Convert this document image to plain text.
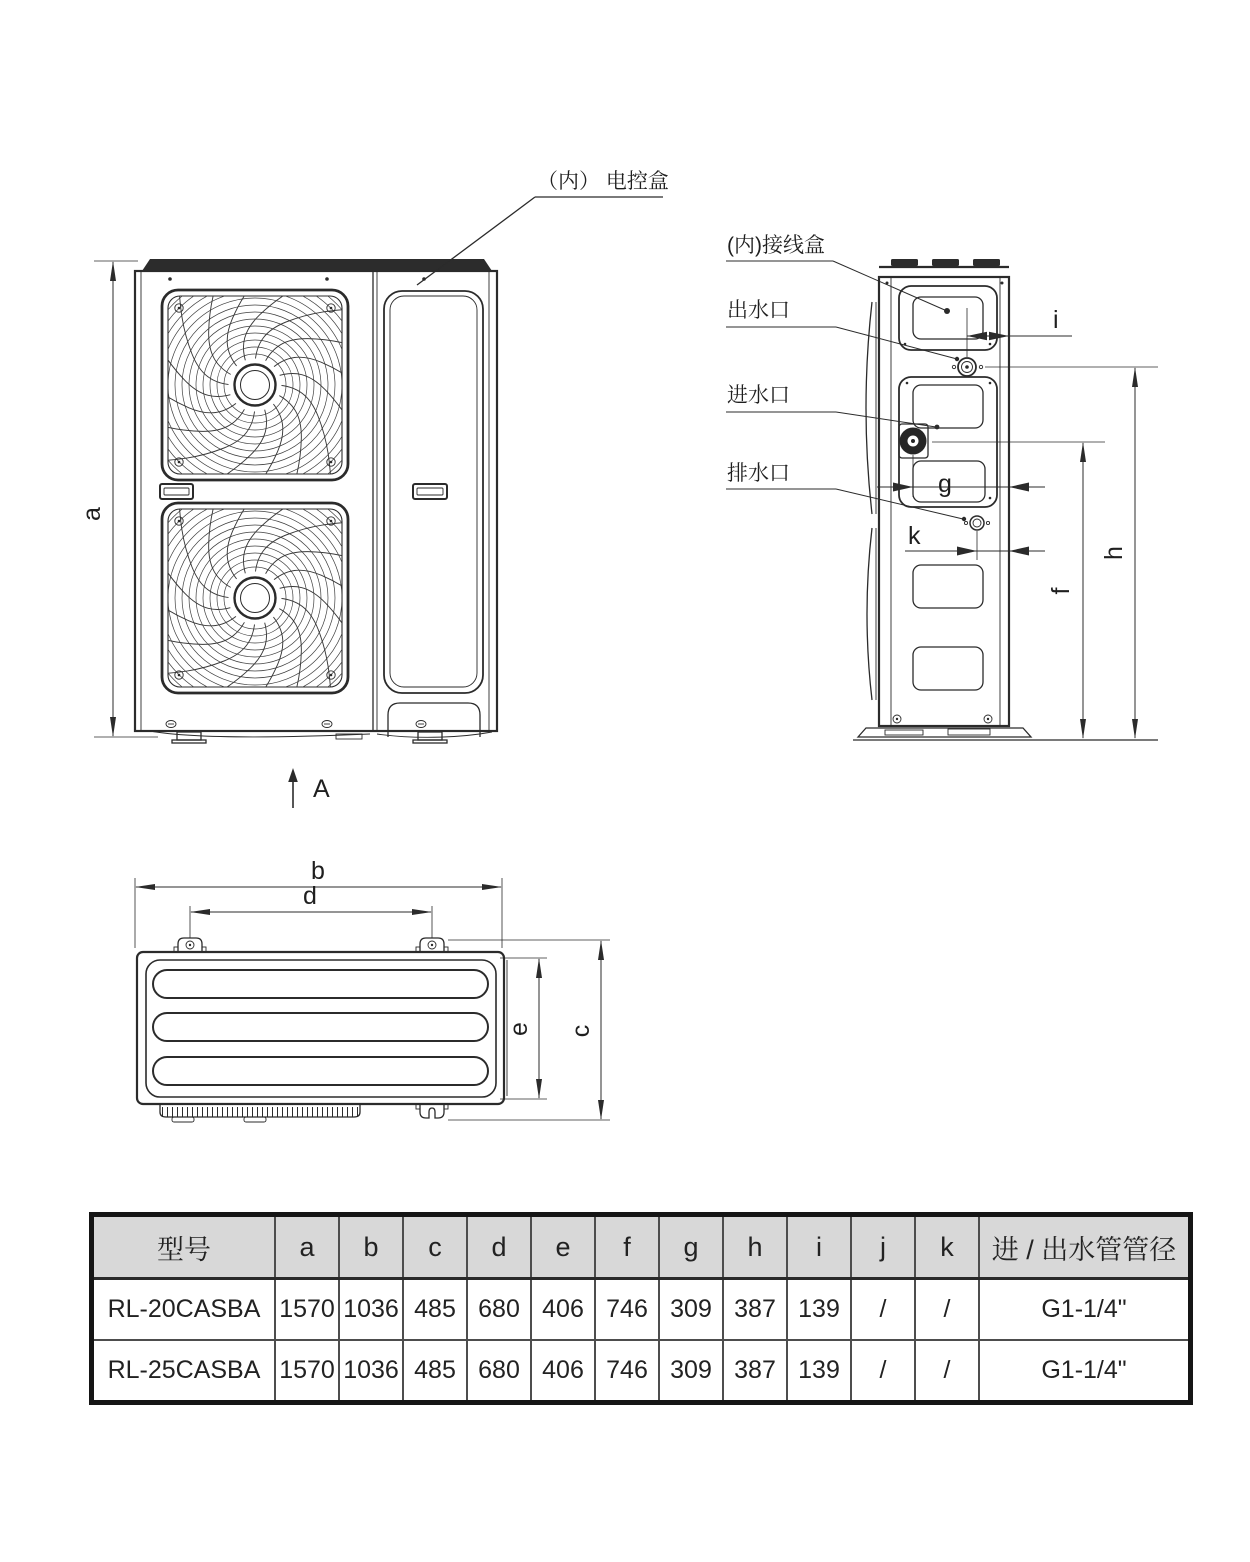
a
（内） 电控盒
A
(内)接线盒
出水口
进水口
排水口
i
g
k
h
f
b
d
e c
型号	a	b	c	d	e	f	g	h	i	j	k	进 / 出水管管径
RL-20CASBA	1570	1036	485	680	406	746	309	387	139	/	/	G1-1/4"
RL-25CASBA	1570	1036	485	680	406	746	309	387	139	/	/	G1-1/4"
